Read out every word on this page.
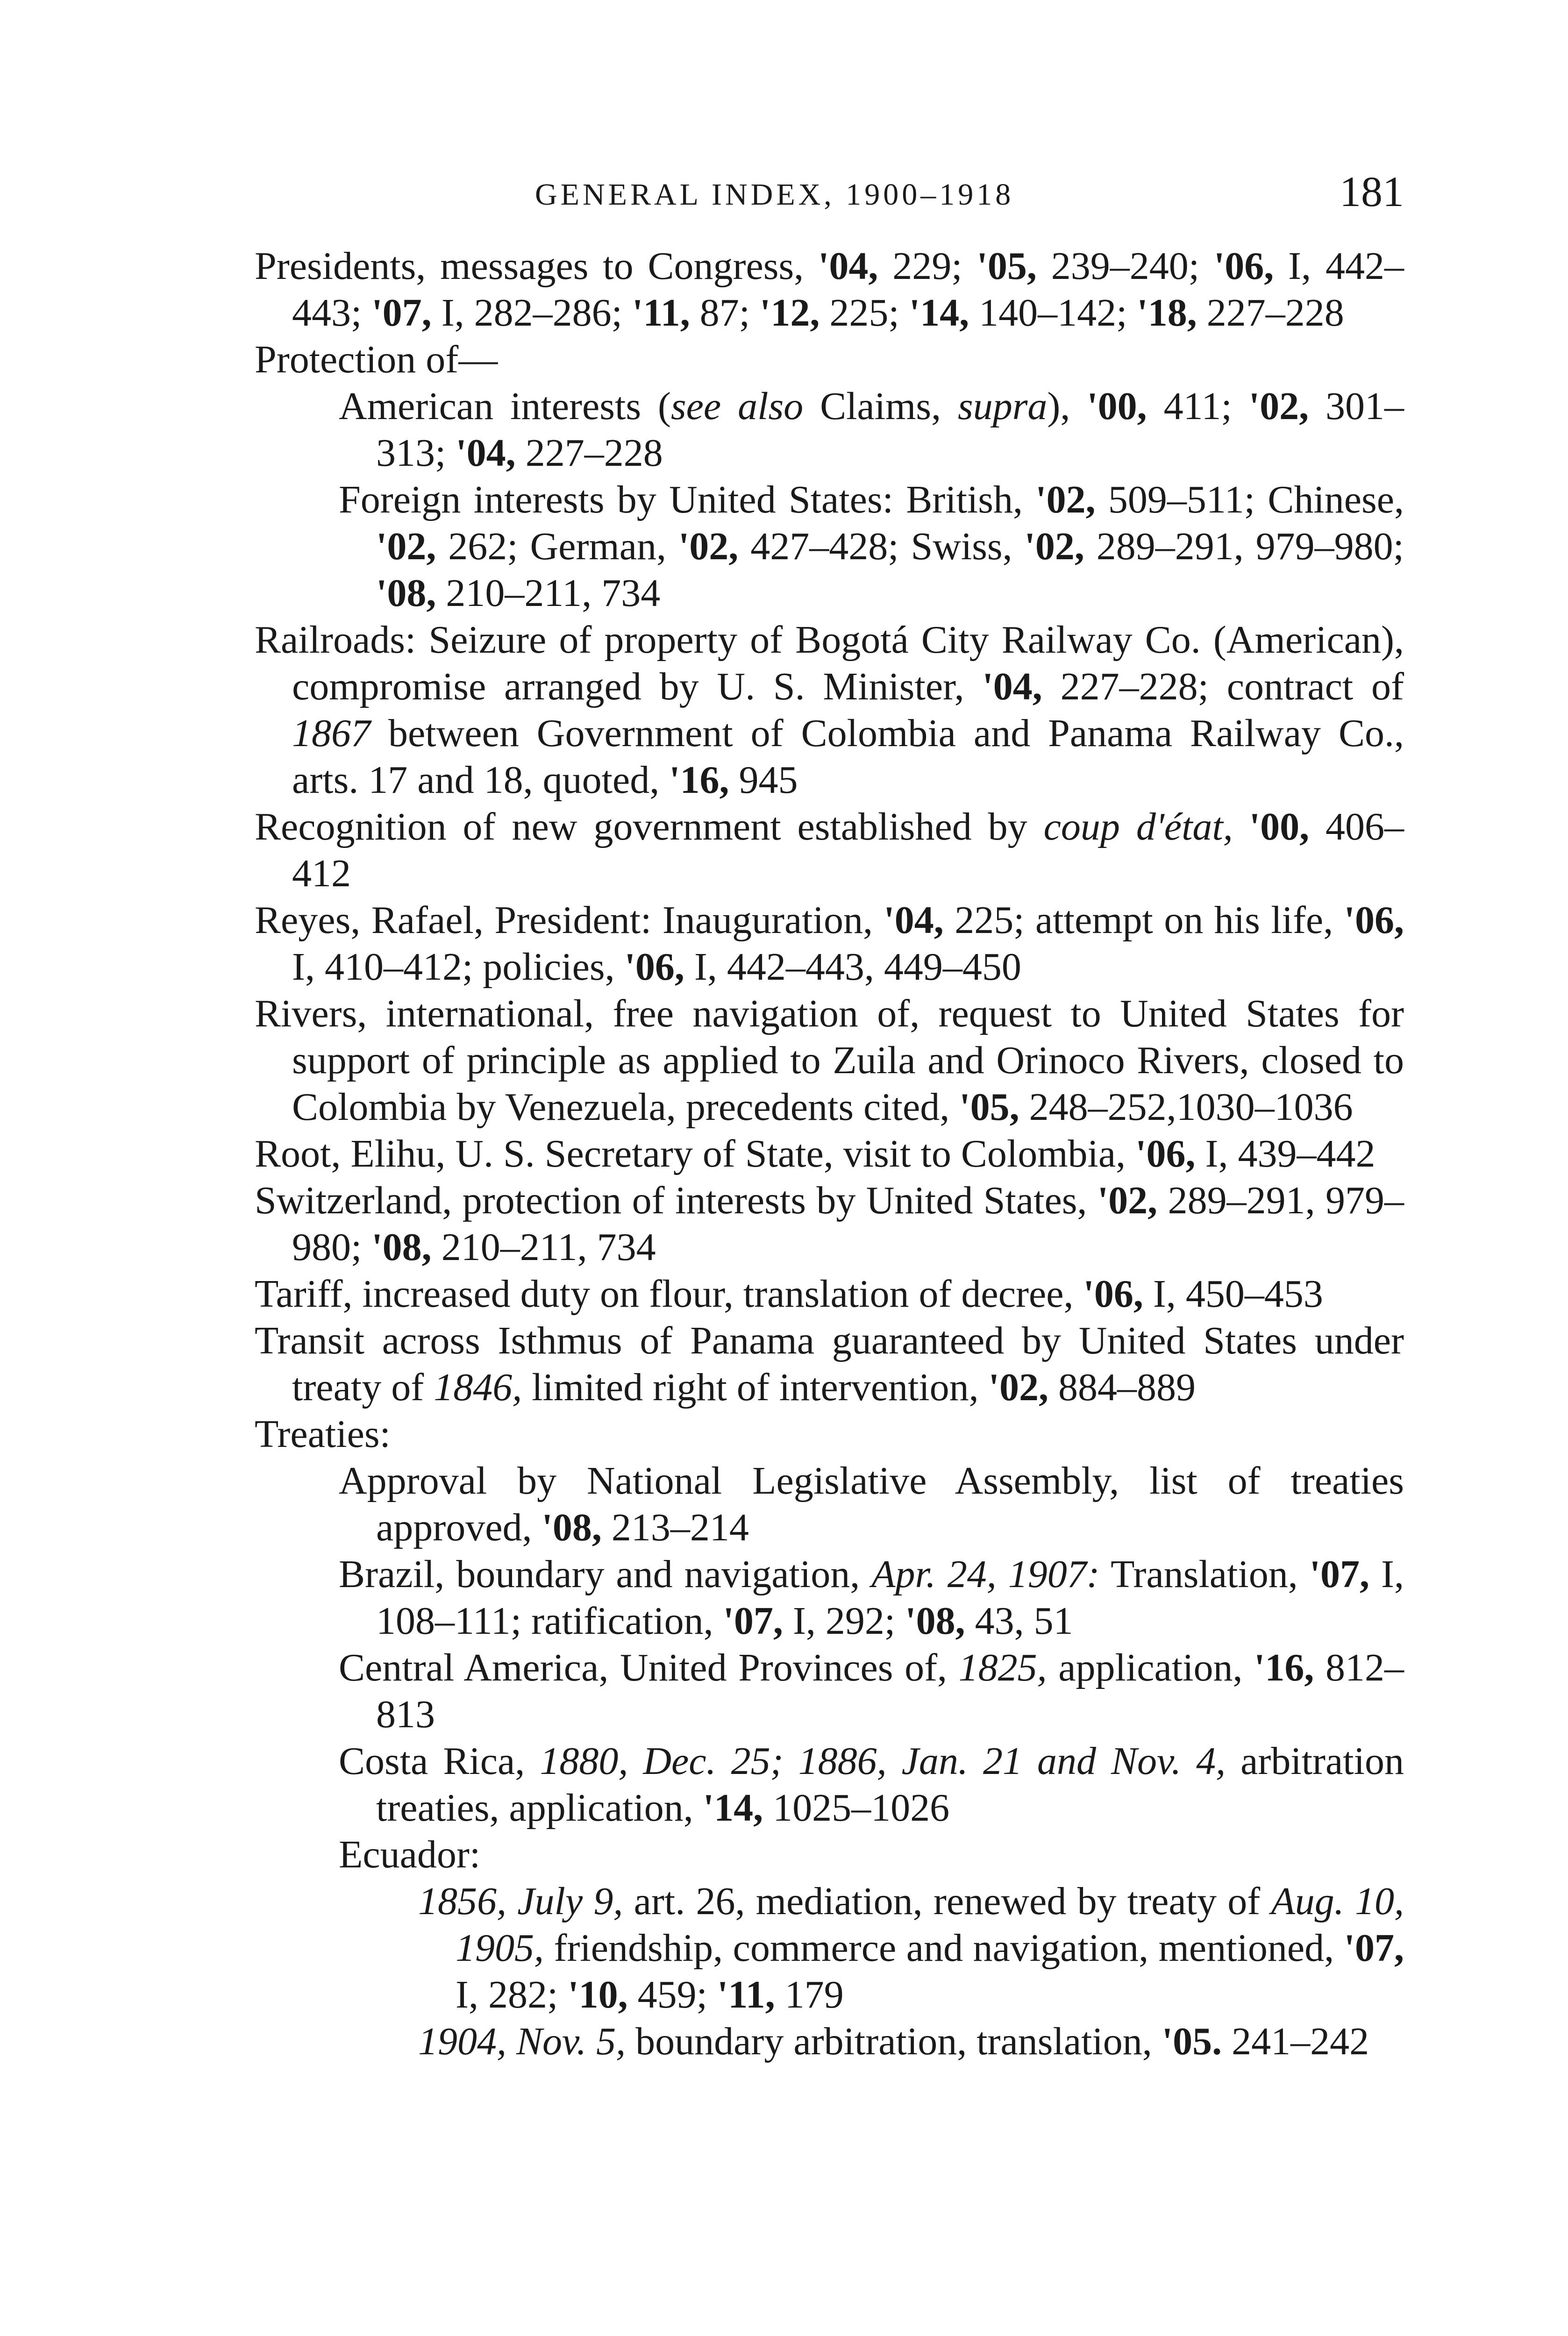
GENERAL INDEX, 1900–1918	181

Presidents, messages to Congress, '04, 229; '05, 239–240; '06, I, 442–443; '07, I, 282–286; '11, 87; '12, 225; '14, 140–142; '18, 227–228

Protection of—

American interests (see also Claims, supra), '00, 411; '02, 301–313; '04, 227–228

Foreign interests by United States: British, '02, 509–511; Chinese, '02, 262; German, '02, 427–428; Swiss, '02, 289–291, 979–980; '08, 210–211, 734

Railroads: Seizure of property of Bogotá City Railway Co. (American), compromise arranged by U. S. Minister, '04, 227–228; contract of 1867 between Government of Colombia and Panama Railway Co., arts. 17 and 18, quoted, '16, 945

Recognition of new government established by coup d'état, '00, 406–412

Reyes, Rafael, President: Inauguration, '04, 225; attempt on his life, '06, I, 410–412; policies, '06, I, 442–443, 449–450

Rivers, international, free navigation of, request to United States for support of principle as applied to Zuila and Orinoco Rivers, closed to Colombia by Venezuela, precedents cited, '05, 248–252,1030–1036

Root, Elihu, U. S. Secretary of State, visit to Colombia, '06, I, 439–442

Switzerland, protection of interests by United States, '02, 289–291, 979–980; '08, 210–211, 734

Tariff, increased duty on flour, translation of decree, '06, I, 450–453

Transit across Isthmus of Panama guaranteed by United States under treaty of 1846, limited right of intervention, '02, 884–889

Treaties:

Approval by National Legislative Assembly, list of treaties approved, '08, 213–214

Brazil, boundary and navigation, Apr. 24, 1907: Translation, '07, I, 108–111; ratification, '07, I, 292; '08, 43, 51

Central America, United Provinces of, 1825, application, '16, 812–813

Costa Rica, 1880, Dec. 25; 1886, Jan. 21 and Nov. 4, arbitration treaties, application, '14, 1025–1026

Ecuador:

1856, July 9, art. 26, mediation, renewed by treaty of Aug. 10, 1905, friendship, commerce and navigation, mentioned, '07, I, 282; '10, 459; '11, 179

1904, Nov. 5, boundary arbitration, translation, '05. 241–242
